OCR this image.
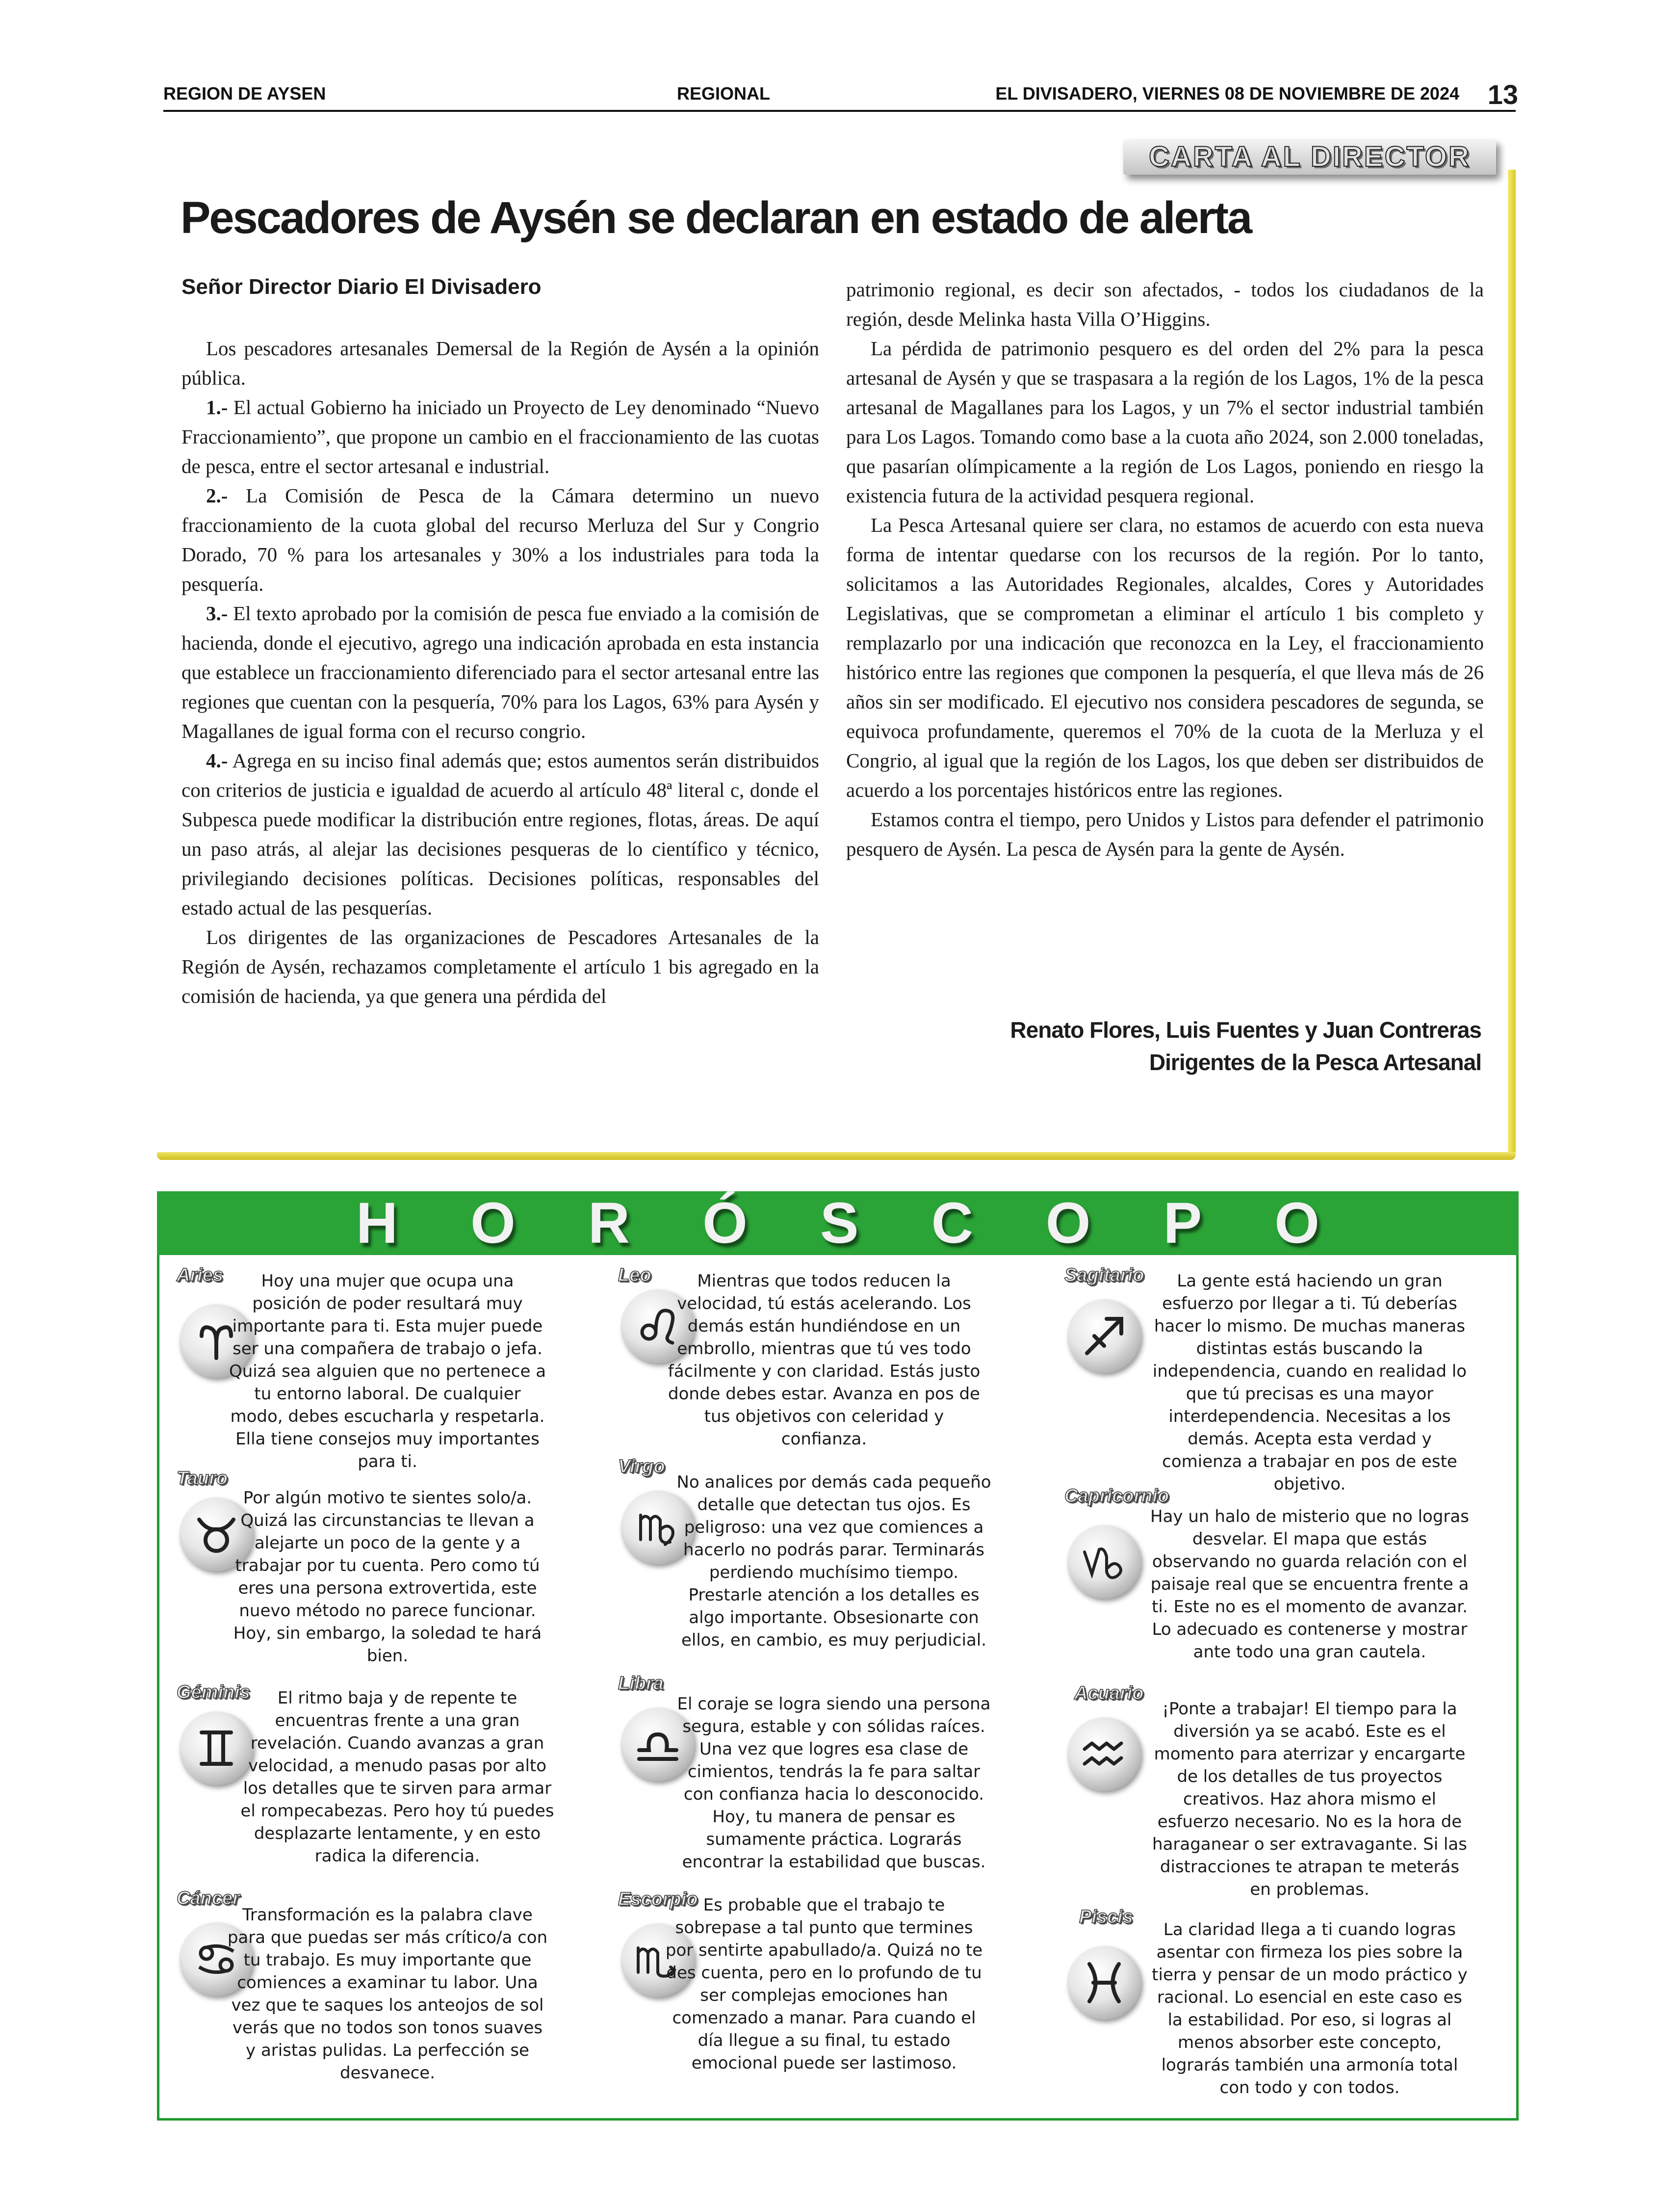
REGION DE AYSEN	REGIONAL	EL DIVISADERO, VIERNES 08 DE NOVIEMBRE DE 2024 13
CARTA AL DIRECTOR
Pescadores de Aysén se declaran en estado de alerta
Señor Director Diario El Divisadero

Los pescadores artesanales Demersal de la Región de Aysén a la opinión pública.

1.- El actual Gobierno ha iniciado un Proyecto de Ley denominado “Nuevo Fraccionamiento”, que propone un cambio en el fraccionamiento de las cuotas de pesca, entre el sector artesanal e industrial.

2.- La Comisión de Pesca de la Cámara determino un nuevo fraccionamiento de la cuota global del recurso Merluza del Sur y Congrio Dorado, 70 % para los artesanales y 30% a los industriales para toda la pesquería.

3.- El texto aprobado por la comisión de pesca fue enviado a la comisión de hacienda, donde el ejecutivo, agrego una indicación aprobada en esta instancia que establece un fraccionamiento diferenciado para el sector artesanal entre las regiones que cuentan con la pesquería, 70% para los Lagos, 63% para Aysén y Magallanes de igual forma con el recurso congrio.

4.- Agrega en su inciso final además que; estos aumentos serán distribuidos con criterios de justicia e igualdad de acuerdo al artículo 48ª literal c, donde el Subpesca puede modificar la distribución entre regiones, flotas, áreas. De aquí un paso atrás, al alejar las decisiones pesqueras de lo científico y técnico, privilegiando decisiones políticas. Decisiones políticas, responsables del estado actual de las pesquerías.

Los dirigentes de las organizaciones de Pescadores Artesanales de la Región de Aysén, rechazamos completamente el artículo 1 bis agregado en la comisión de hacienda, ya que genera una pérdida del

patrimonio regional, es decir son afectados, - todos los ciudadanos de la región, desde Melinka hasta Villa O’Higgins.

La pérdida de patrimonio pesquero es del orden del 2% para la pesca artesanal de Aysén y que se traspasara a la región de los Lagos, 1% de la pesca artesanal de Magallanes para los Lagos, y un 7% el sector industrial también para Los Lagos. Tomando como base a la cuota año 2024, son 2.000 toneladas, que pasarían olímpicamente a la región de Los Lagos, poniendo en riesgo la existencia futura de la actividad pesquera regional.

La Pesca Artesanal quiere ser clara, no estamos de acuerdo con esta nueva forma de intentar quedarse con los recursos de la región. Por lo tanto, solicitamos a las Autoridades Regionales, alcaldes, Cores y Autoridades Legislativas, que se comprometan a eliminar el artículo 1 bis completo y remplazarlo por una indicación que reconozca en la Ley, el fraccionamiento histórico entre las regiones que componen la pesquería, el que lleva más de 26 años sin ser modificado. El ejecutivo nos considera pescadores de segunda, se equivoca profundamente, queremos el 70% de la cuota de la Merluza y el Congrio, al igual que la región de los Lagos, los que deben ser distribuidos de acuerdo a los porcentajes históricos entre las regiones.

Estamos contra el tiempo, pero Unidos y Listos para defender el patrimonio pesquero de Aysén. La pesca de Aysén para la gente de Aysén.

Renato Flores, Luis Fuentes y Juan Contreras
Dirigentes de la Pesca Artesanal
HORÓSCOPO
Aries	Hoy una mujer que ocupa una posición de poder resultará muy importante para ti. Esta mujer puede ser una compañera de trabajo o jefa. Quizá sea alguien que no pertenece a tu entorno laboral. De cualquier modo, debes escucharla y respetarla. Ella tiene consejos muy importantes para ti.
Tauro
Por algún motivo te sientes solo/a. Quizá las circunstancias te llevan a alejarte un poco de la gente y a trabajar por tu cuenta. Pero como tú eres una persona extrovertida, este nuevo método no parece funcionar. Hoy, sin embargo, la soledad te hará bien.
Géminis	El ritmo baja y de repente te encuentras frente a una gran revelación. Cuando avanzas a gran velocidad, a menudo pasas por alto los detalles que te sirven para armar el rompecabezas. Pero hoy tú puedes desplazarte lentamente, y en esto radica la diferencia.
Cáncer
Transformación es la palabra clave para que puedas ser más crítico/a con tu trabajo. Es muy importante que comiences a examinar tu labor. Una vez que te saques los anteojos de sol verás que no todos son tonos suaves y aristas pulidas. La perfección se desvanece.
Leo	Mientras que todos reducen la velocidad, tú estás acelerando. Los demás están hundiéndose en un embrollo, mientras que tú ves todo fácilmente y con claridad. Estás justo donde debes estar. Avanza en pos de tus objetivos con celeridad y confianza.
Virgo
No analices por demás cada pequeño detalle que detectan tus ojos. Es peligroso: una vez que comiences a hacerlo no podrás parar. Terminarás perdiendo muchísimo tiempo. Prestarle atención a los detalles es algo importante. Obsesionarte con ellos, en cambio, es muy perjudicial.
Libra
El coraje se logra siendo una persona segura, estable y con sólidas raíces. Una vez que logres esa clase de cimientos, tendrás la fe para saltar con confianza hacia lo desconocido. Hoy, tu manera de pensar es sumamente práctica. Lograrás encontrar la estabilidad que buscas.
Escorpio Es probable que el trabajo te sobrepase a tal punto que termines por sentirte apabullado/a. Quizá no te des cuenta, pero en lo profundo de tu ser complejas emociones han comenzado a manar. Para cuando el día llegue a su final, tu estado emocional puede ser lastimoso.
Sagitario	La gente está haciendo un gran esfuerzo por llegar a ti. Tú deberías hacer lo mismo. De muchas maneras distintas estás buscando la independencia, cuando en realidad lo que tú precisas es una mayor interdependencia. Necesitas a los demás. Acepta esta verdad y comienza a trabajar en pos de este objetivo.
Capricornio
Hay un halo de misterio que no logras desvelar. El mapa que estás observando no guarda relación con el paisaje real que se encuentra frente a ti. Este no es el momento de avanzar. Lo adecuado es contenerse y mostrar ante todo una gran cautela.
Acuario
¡Ponte a trabajar! El tiempo para la diversión ya se acabó. Este es el momento para aterrizar y encargarte de los detalles de tus proyectos creativos. Haz ahora mismo el esfuerzo necesario. No es la hora de haraganear o ser extravagante. Si las distracciones te atrapan te meterás en problemas.
Piscis
La claridad llega a ti cuando logras asentar con firmeza los pies sobre la tierra y pensar de un modo práctico y racional. Lo esencial en este caso es la estabilidad. Por eso, si logras al menos absorber este concepto, lograrás también una armonía total con todo y con todos.
